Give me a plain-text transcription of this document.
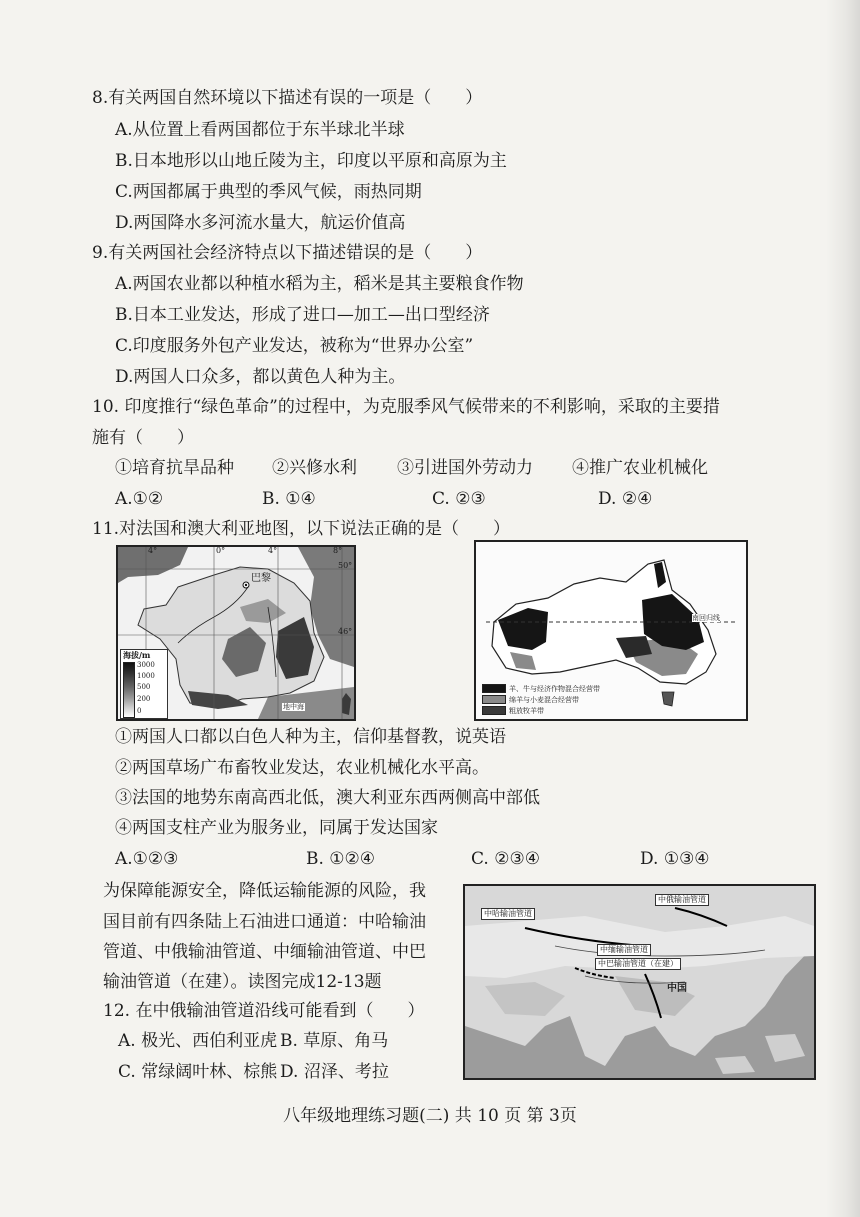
8.有关两国自然环境以下描述有误的一项是（　　）
A.从位置上看两国都位于东半球北半球
B.日本地形以山地丘陵为主，印度以平原和高原为主
C.两国都属于典型的季风气候，雨热同期
D.两国降水多河流水量大，航运价值高
9.有关两国社会经济特点以下描述错误的是（　　）
A.两国农业都以种植水稻为主，稻米是其主要粮食作物
B.日本工业发达，形成了进口—加工—出口型经济
C.印度服务外包产业发达，被称为“世界办公室”
D.两国人口众多，都以黄色人种为主。
10. 印度推行“绿色革命”的过程中，为克服季风气候带来的不利影响，采取的主要措
施有（　　）
①培育抗旱品种 ②兴修水利 ③引进国外劳动力 ④推广农业机械化
A.①②	B. ①④	C. ②③	D. ②④
11.对法国和澳大利亚地图，以下说法正确的是（　　）
4°	0°	4°	8°
50°
46°
巴黎
地中海
海拔/m
3000
1000
500
200
0
南回归线
羊、牛与经济作物混合经营带
绵羊与小麦混合经营带
粗放牧羊带
①两国人口都以白色人种为主，信仰基督教，说英语
②两国草场广布畜牧业发达，农业机械化水平高。
③法国的地势东南高西北低，澳大利亚东西两侧高中部低
④两国支柱产业为服务业，同属于发达国家
A.①②③	B. ①②④	C. ②③④	D. ①③④
为保障能源安全，降低运输能源的风险，我
国目前有四条陆上石油进口通道：中哈输油
管道、中俄输油管道、中缅输油管道、中巴
输油管道（在建）。读图完成12-13题
中俄输油管道
中哈输油管道
中缅输油管道
中巴输油管道（在建）
中国
12. 在中俄输油管道沿线可能看到（　　）
A. 极光、西伯利亚虎 B. 草原、角马
C. 常绿阔叶林、棕熊 D. 沼泽、考拉
八年级地理练习题(二) 共 10 页 第 3页
